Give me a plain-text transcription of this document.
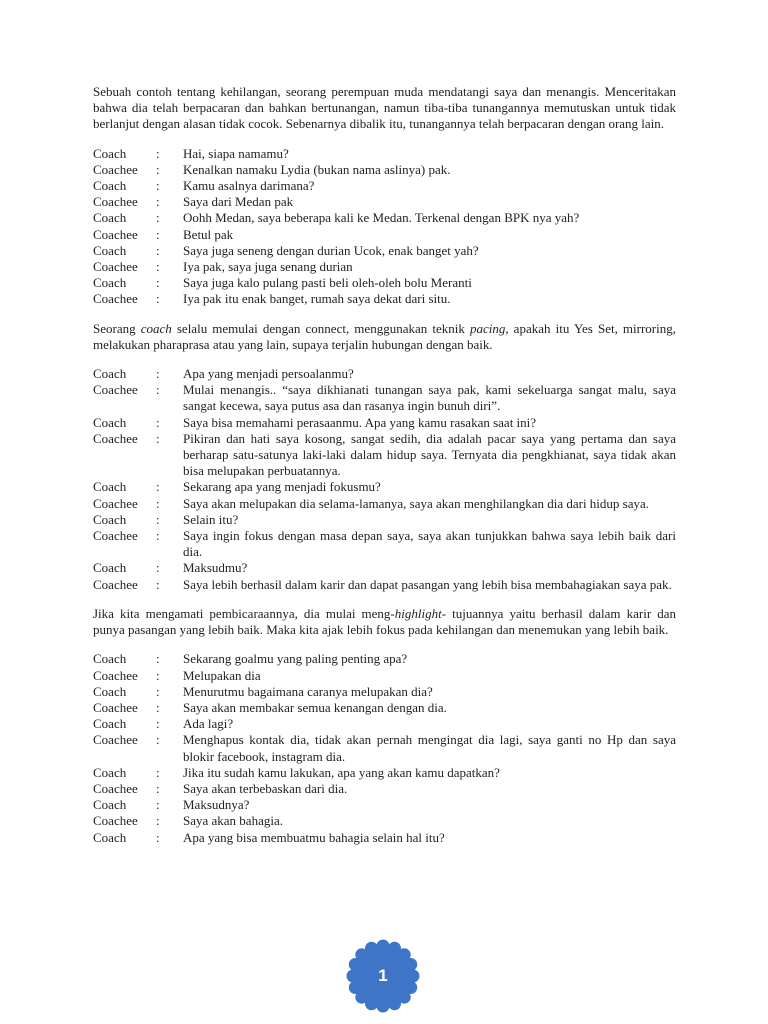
Sebuah contoh tentang kehilangan, seorang perempuan muda mendatangi saya dan menangis. Menceritakan bahwa dia telah berpacaran dan bahkan bertunangan, namun tiba-tiba tunangannya memutuskan untuk tidak berlanjut dengan alasan tidak cocok. Sebenarnya dibalik itu, tunangannya telah berpacaran dengan orang lain.

Coach	:	Hai, siapa namamu?
Coachee	:	Kenalkan namaku Lydia (bukan nama aslinya) pak.
Coach	:	Kamu asalnya darimana?
Coachee	:	Saya dari Medan pak
Coach	:	Oohh Medan, saya beberapa kali ke Medan. Terkenal dengan BPK nya yah?
Coachee	:	Betul pak
Coach	:	Saya juga seneng dengan durian Ucok, enak banget yah?
Coachee	:	Iya pak, saya juga senang durian
Coach	:	Saya juga kalo pulang pasti beli oleh-oleh bolu Meranti
Coachee	:	Iya pak itu enak banget, rumah saya dekat dari situ.

Seorang coach selalu memulai dengan connect, menggunakan teknik pacing, apakah itu Yes Set, mirroring, melakukan pharaprasa atau yang lain, supaya terjalin hubungan dengan baik.

Coach	:	Apa yang menjadi persoalanmu?
Coachee	:	Mulai menangis.. “saya dikhianati tunangan saya pak, kami sekeluarga sangat malu, saya sangat kecewa, saya putus asa dan rasanya ingin bunuh diri”.
Coach	:	Saya bisa memahami perasaanmu. Apa yang kamu rasakan saat ini?
Coachee	:	Pikiran dan hati saya kosong, sangat sedih, dia adalah pacar saya yang pertama dan saya berharap satu-satunya laki-laki dalam hidup saya. Ternyata dia pengkhianat, saya tidak akan bisa melupakan perbuatannya.
Coach	:	Sekarang apa yang menjadi fokusmu?
Coachee	:	Saya akan melupakan dia selama-lamanya, saya akan menghilangkan dia dari hidup saya.
Coach	:	Selain itu?
Coachee	:	Saya ingin fokus dengan masa depan saya, saya akan tunjukkan bahwa saya lebih baik dari dia.
Coach	:	Maksudmu?
Coachee	:	Saya lebih berhasil dalam karir dan dapat pasangan yang lebih bisa membahagiakan saya pak.

Jika kita mengamati pembicaraannya, dia mulai meng-highlight- tujuannya yaitu berhasil dalam karir dan punya pasangan yang lebih baik. Maka kita ajak lebih fokus pada kehilangan dan menemukan yang lebih baik.

Coach	:	Sekarang goalmu yang paling penting apa?
Coachee	:	Melupakan dia
Coach	:	Menurutmu bagaimana caranya melupakan dia?
Coachee	:	Saya akan membakar semua kenangan dengan dia.
Coach	:	Ada lagi?
Coachee	:	Menghapus kontak dia, tidak akan pernah mengingat dia lagi, saya ganti no Hp dan saya blokir facebook, instagram dia.
Coach	:	Jika itu sudah kamu lakukan, apa yang akan kamu dapatkan?
Coachee	:	Saya akan terbebaskan dari dia.
Coach	:	Maksudnya?
Coachee	:	Saya akan bahagia.
Coach	:	Apa yang bisa membuatmu bahagia selain hal itu?
1
